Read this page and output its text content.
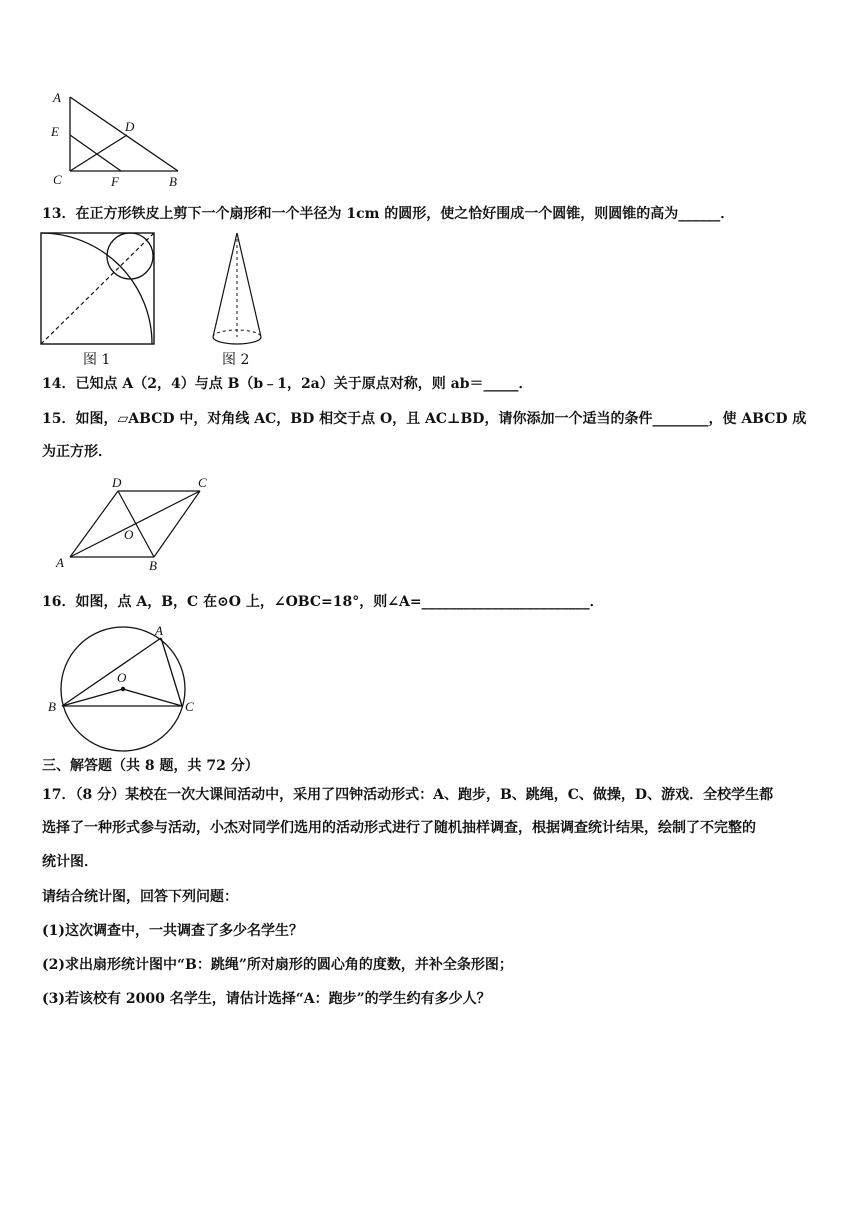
A
E	D
C	F	B
13．在正方形铁皮上剪下一个扇形和一个半径为 1cm 的圆形，使之恰好围成一个圆锥，则圆锥的高为______．
图 1	图 2
14．已知点 A（2，4）与点 B（b﹣1，2a）关于原点对称，则 ab＝_____．
15．如图，▱ABCD 中，对角线 AC，BD 相交于点 O，且 AC⊥BD，请你添加一个适当的条件________，使 ABCD 成
为正方形．
D	C
O
A	B
16．如图，点 A，B，C 在⊙O 上，∠OBC=18°，则∠A=________________________．
A
O
B	C
三、解答题（共 8 题，共 72 分）
17．（8 分）某校在一次大课间活动中，采用了四钟活动形式：A、跑步，B、跳绳，C、做操，D、游戏．全校学生都
选择了一种形式参与活动，小杰对同学们选用的活动形式进行了随机抽样调查，根据调查统计结果，绘制了不完整的
统计图．
请结合统计图，回答下列问题：
(1)这次调查中，一共调查了多少名学生？
(2)求出扇形统计图中“B：跳绳”所对扇形的圆心角的度数，并补全条形图；
(3)若该校有 2000 名学生，请估计选择“A：跑步”的学生约有多少人？
